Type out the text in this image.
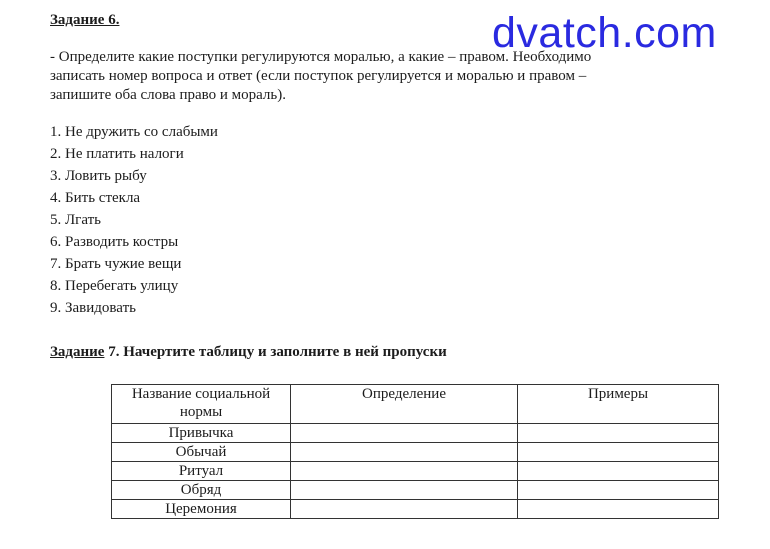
Задание 6.
- Определите какие поступки регулируются моралью, а какие – правом. Необходимо
записать номер вопроса и ответ (если поступок регулируется и моралью и правом –
запишите оба слова право и мораль).
1. Не дружить со слабыми
2. Не платить налоги
3. Ловить рыбу
4. Бить стекла
5. Лгать
6. Разводить костры
7. Брать чужие вещи
8. Перебегать улицу
9. Завидовать
Задание 7. Начертите таблицу и заполните в ней пропуски
Название социальной нормы	Определение	Примеры
Привычка		
Обычай		
Ритуал		
Обряд		
Церемония		
dvatch.com
